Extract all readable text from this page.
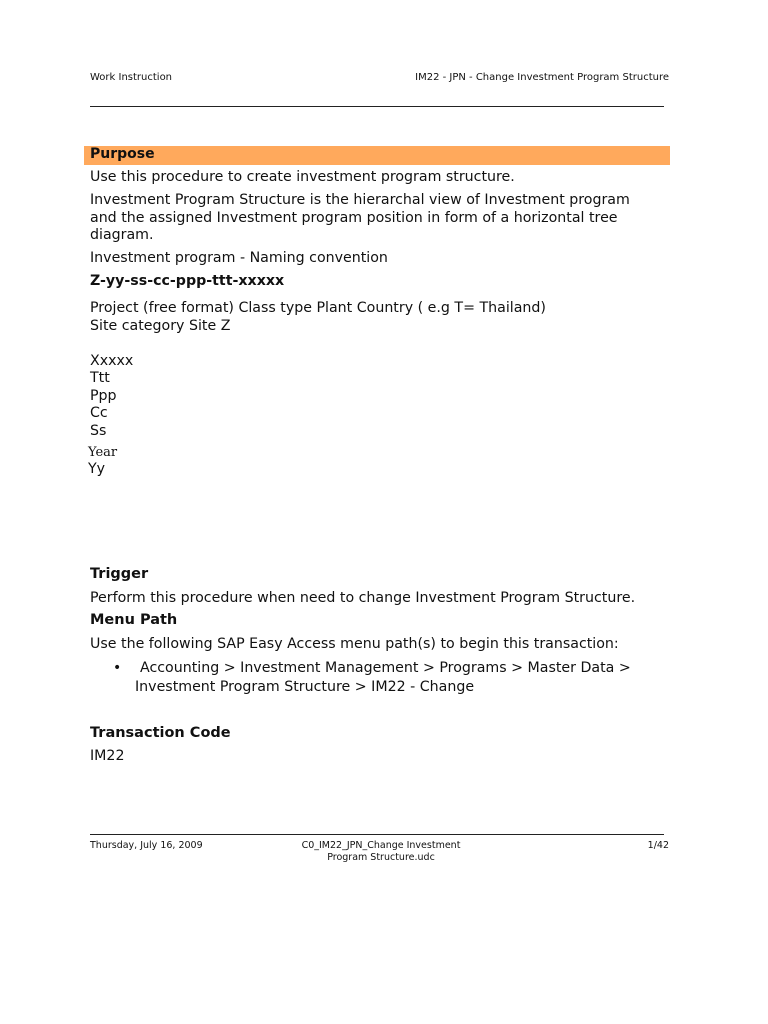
Work Instruction	IM22 - JPN - Change Investment Program Structure
Purpose
Use this procedure to create investment program structure.
Investment Program Structure is the hierarchal view of Investment program
and the assigned Investment program position in form of a horizontal tree
diagram.
Investment program - Naming convention
Z-yy-ss-cc-ppp-ttt-xxxxx
Project (free format) Class type Plant Country ( e.g T= Thailand)
Site category Site Z
Xxxxx
Ttt
Ppp
Cc
Ss
Year
Yy
Trigger
Perform this procedure when need to change Investment Program Structure.
Menu Path
Use the following SAP Easy Access menu path(s) to begin this transaction:
• Accounting > Investment Management > Programs > Master Data >
Investment Program Structure > IM22 - Change
Transaction Code
IM22
Thursday, July 16, 2009	C0_IM22_JPN_Change Investment
Program Structure.udc
1/42
